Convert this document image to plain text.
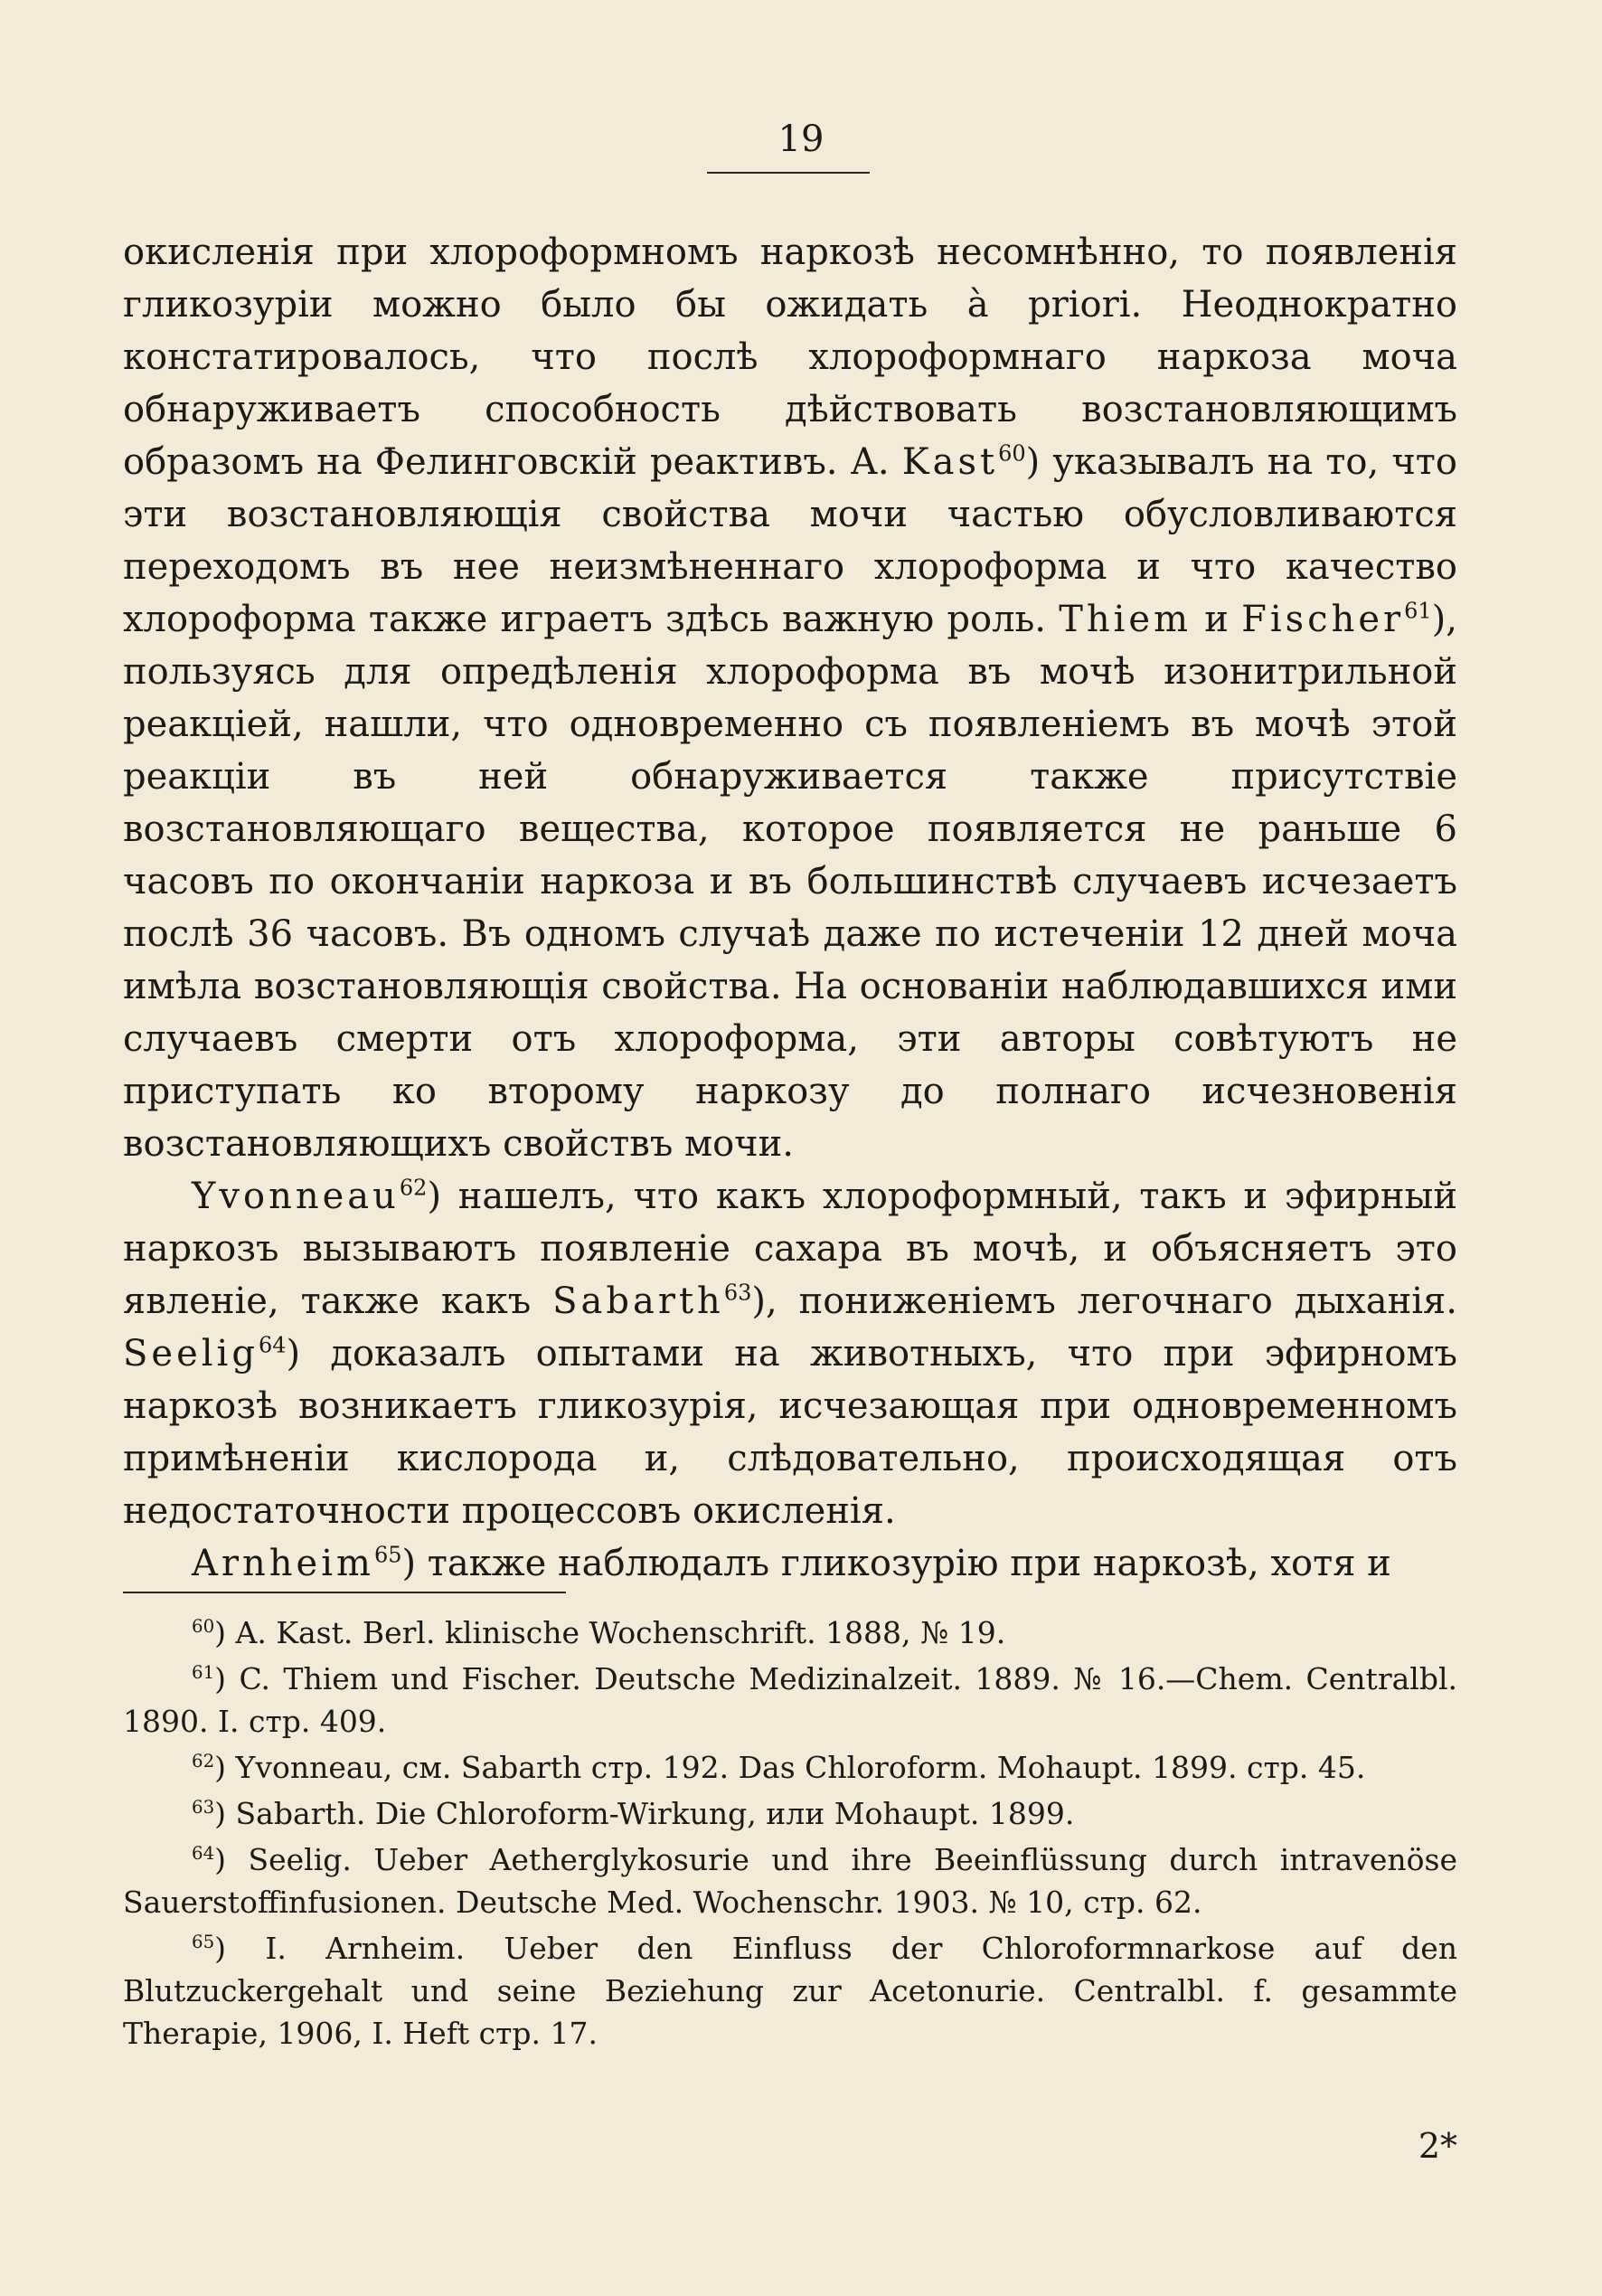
19

окисленія при хлороформномъ наркозѣ несомнѣнно, то появленія гликозуріи можно было бы ожидать à priori. Неоднократно констатировалось, что послѣ хлороформнаго наркоза моча обнаруживаетъ способность дѣйствовать возстановляющимъ образомъ на Фелинговскій реактивъ. А. Kast$^{60}$) указывалъ на то, что эти возстановляющія свойства мочи частью обусловливаются переходомъ въ нее неизмѣненнаго хлороформа и что качество хлороформа также играетъ здѣсь важную роль. Thiem и Fischer$^{61}$), пользуясь для опредѣленія хлороформа въ мочѣ изонитрильной реакціей, нашли, что одновременно съ появленіемъ въ мочѣ этой реакціи въ ней обнаруживается также присутствіе возстановляющаго вещества, которое появляется не раньше 6 часовъ по окончаніи наркоза и въ большинствѣ случаевъ исчезаетъ послѣ 36 часовъ. Въ одномъ случаѣ даже по истеченіи 12 дней моча имѣла возстановляющія свойства. На основаніи наблюдавшихся ими случаевъ смерти отъ хлороформа, эти авторы совѣтуютъ не приступать ко второму наркозу до полнаго исчезновенія возстановляющихъ свойствъ мочи.

Yvonneau$^{62}$) нашелъ, что какъ хлороформный, такъ и эфирный наркозъ вызываютъ появленіе сахара въ мочѣ, и объясняетъ это явленіе, также какъ Sabarth$^{63}$), пониженіемъ легочнаго дыханія. Seelig$^{64}$) доказалъ опытами на животныхъ, что при эфирномъ наркозѣ возникаетъ гликозурія, исчезающая при одновременномъ примѣненіи кислорода и, слѣдовательно, происходящая отъ недостаточности процессовъ окисленія.

Arnheim$^{65}$) также наблюдалъ гликозурію при наркозѣ, хотя и

$^{60}$) A. Kast. Berl. klinische Wochenschrift. 1888, № 19.

$^{61}$) C. Thiem und Fischer. Deutsche Medizinalzeit. 1889. № 16.—Chem. Centralbl. 1890. I. стр. 409.

$^{62}$) Yvonneau, см. Sabarth стр. 192. Das Chloroform. Mohaupt. 1899. стр. 45.

$^{63}$) Sabarth. Die Chloroform-Wirkung, или Mohaupt. 1899.

$^{64}$) Seelig. Ueber Aetherglykosurie und ihre Beeinflüssung durch intravenöse Sauerstoffinfusionen. Deutsche Med. Wochenschr. 1903. № 10, стр. 62.

$^{65}$) I. Arnheim. Ueber den Einfluss der Chloroformnarkose auf den Blutzuckergehalt und seine Beziehung zur Acetonurie. Centralbl. f. gesammte Therapie, 1906, I. Heft стр. 17.

2*
